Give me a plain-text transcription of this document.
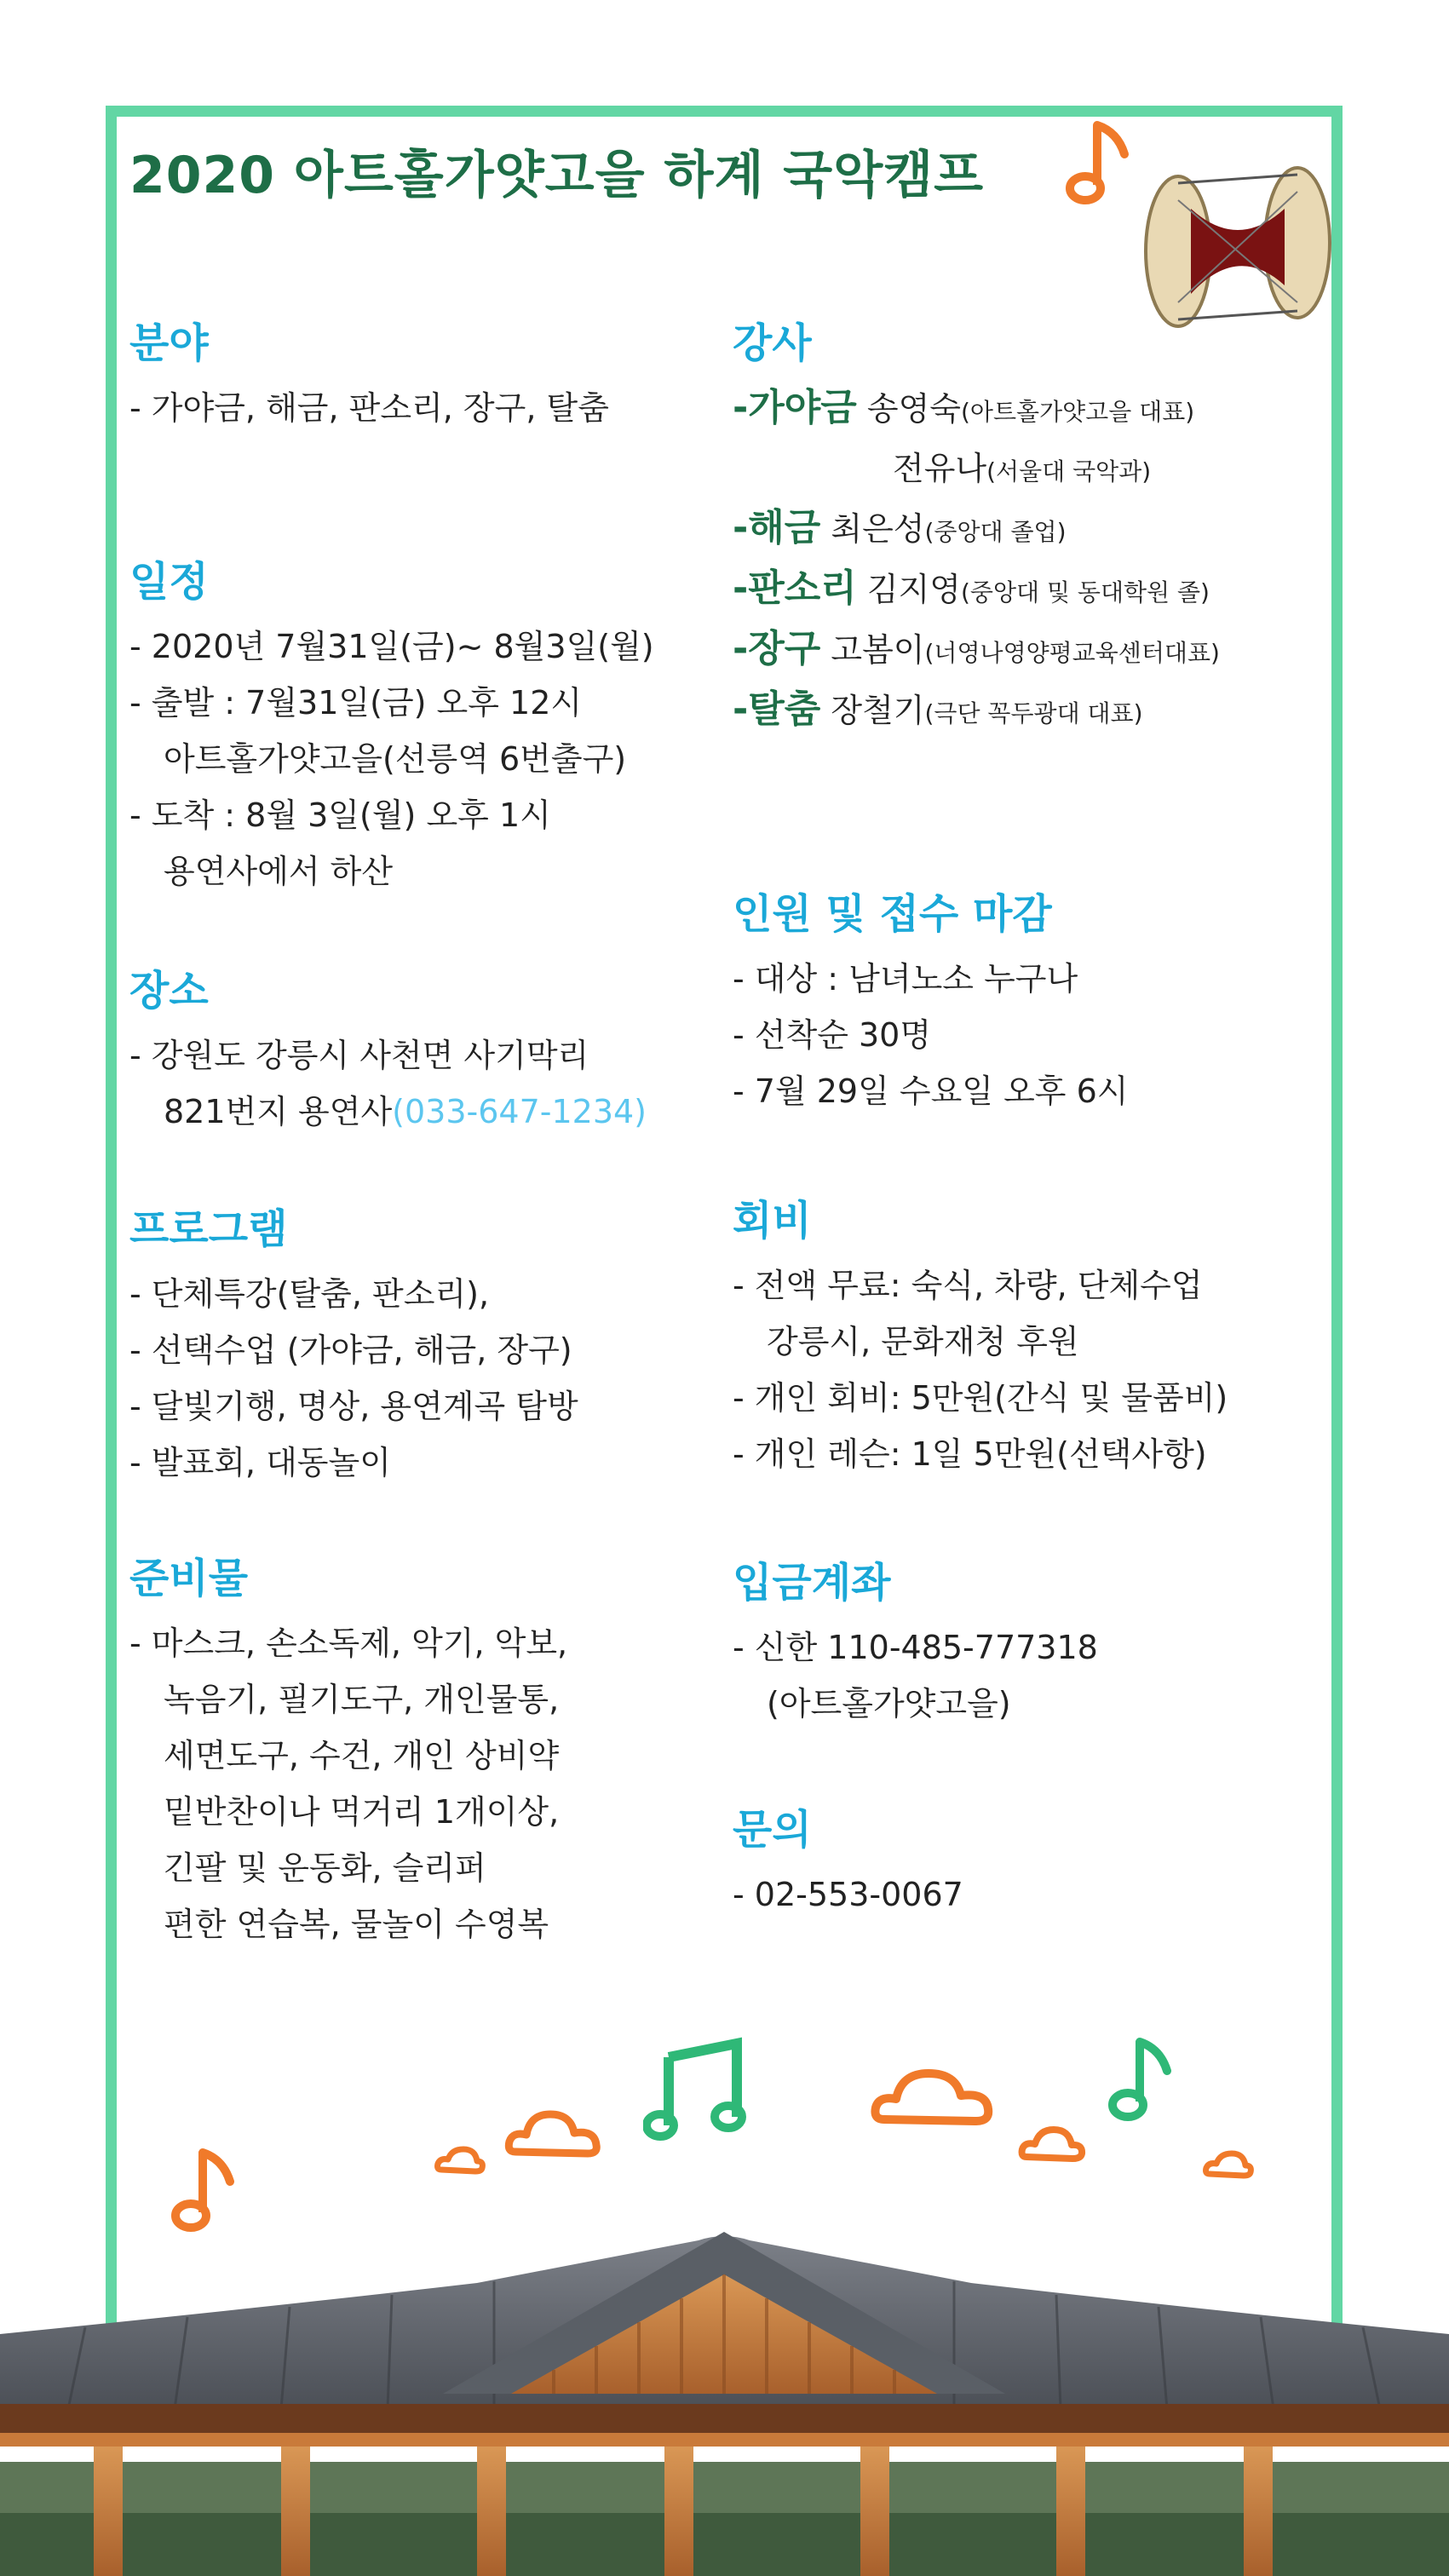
2020 아트홀가얏고을 하계 국악캠프
분야
- 가야금, 해금, 판소리, 장구, 탈춤
일정
- 2020년 7월31일(금)~ 8월3일(월)
- 출발 : 7월31일(금) 오후 12시
아트홀가얏고을(선릉역 6번출구)
- 도착 : 8월 3일(월) 오후 1시
용연사에서 하산
장소
- 강원도 강릉시 사천면 사기막리
821번지 용연사(033-647-1234)
프로그램
- 단체특강(탈춤, 판소리),
- 선택수업 (가야금, 해금, 장구)
- 달빛기행, 명상, 용연계곡 탐방
- 발표회, 대동놀이
준비물
- 마스크, 손소독제, 악기, 악보,
녹음기, 필기도구, 개인물통,
세면도구, 수건, 개인 상비약
밑반찬이나 먹거리 1개이상,
긴팔 및 운동화, 슬리퍼
편한 연습복, 물놀이 수영복
강사
-가야금 송영숙(아트홀가얏고을 대표)
전유나(서울대 국악과)
-해금 최은성(중앙대 졸업)
-판소리 김지영(중앙대 및 동대학원 졸)
-장구 고봄이(너영나영양평교육센터대표)
-탈춤 장철기(극단 꼭두광대 대표)
인원 및 접수 마감
- 대상 : 남녀노소 누구나
- 선착순 30명
- 7월 29일 수요일 오후 6시
회비
- 전액 무료: 숙식, 차량, 단체수업
강릉시, 문화재청 후원
- 개인 회비: 5만원(간식 및 물품비)
- 개인 레슨: 1일 5만원(선택사항)
입금계좌
- 신한 110-485-777318
(아트홀가얏고을)
문의
- 02-553-0067
